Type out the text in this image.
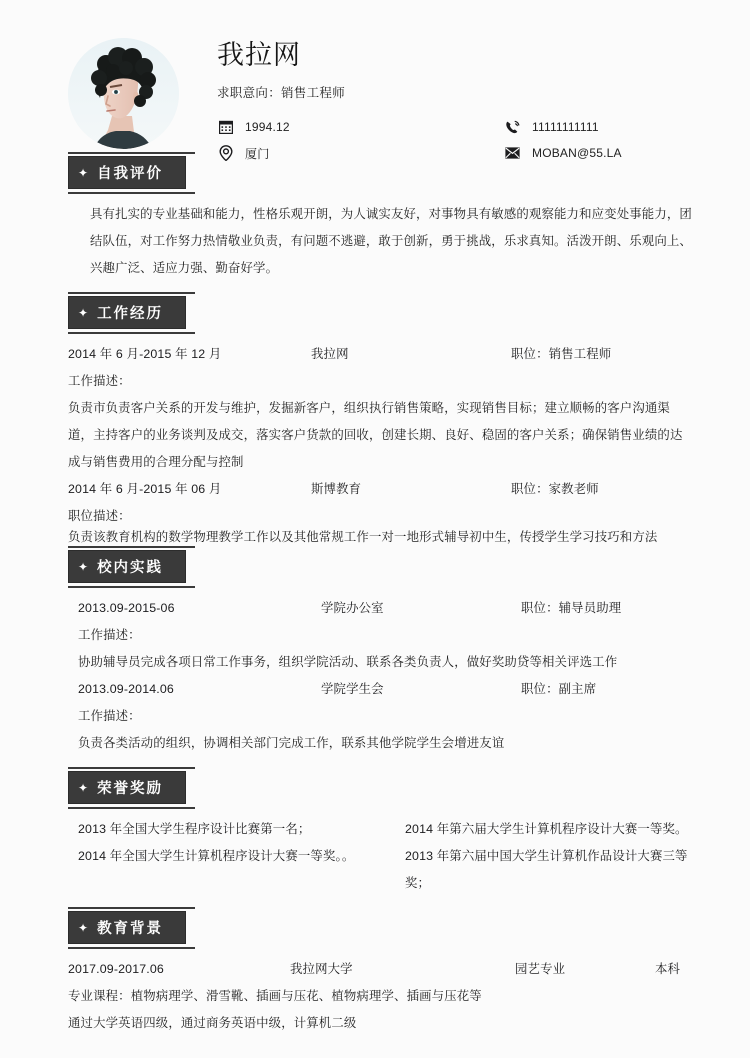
我拉网
求职意向：销售工程师
1994.12
厦门
11111111111
MOBAN@55.LA
✦ 自我评价
具有扎实的专业基础和能力，性格乐观开朗，为人诚实友好，对事物具有敏感的观察能力和应变处事能力，团结队伍，对工作努力热情敬业负责，有问题不逃避，敢于创新，勇于挑战，乐求真知。活泼开朗、乐观向上、兴趣广泛、适应力强、勤奋好学。
✦ 工作经历
2014 年 6 月-2015 年 12 月	我拉网	职位：销售工程师
工作描述：
负责市负责客户关系的开发与维护，发掘新客户，组织执行销售策略，实现销售目标；建立顺畅的客户沟通渠道，主持客户的业务谈判及成交，落实客户货款的回收，创建长期、良好、稳固的客户关系；确保销售业绩的达成与销售费用的合理分配与控制
2014 年 6 月-2015 年 06 月	斯博教育	职位：家教老师
职位描述：
负责该教育机构的数学物理教学工作以及其他常规工作一对一地形式辅导初中生，传授学生学习技巧和方法
✦ 校内实践
2013.09-2015-06	学院办公室	职位：辅导员助理
工作描述：
协助辅导员完成各项日常工作事务，组织学院活动、联系各类负责人，做好奖助贷等相关评选工作
2013.09-2014.06	学院学生会	职位：副主席
工作描述：
负责各类活动的组织，协调相关部门完成工作，联系其他学院学生会增进友谊
✦ 荣誉奖励
2013 年全国大学生程序设计比赛第一名；	2014 年第六届大学生计算机程序设计大赛一等奖。
2014 年全国大学生计算机程序设计大赛一等奖。。	2013 年第六届中国大学生计算机作品设计大赛三等奖；
✦ 教育背景
2017.09-2017.06	我拉网大学	园艺专业	本科
专业课程：植物病理学、滑雪靴、插画与压花、植物病理学、插画与压花等
通过大学英语四级，通过商务英语中级，计算机二级
